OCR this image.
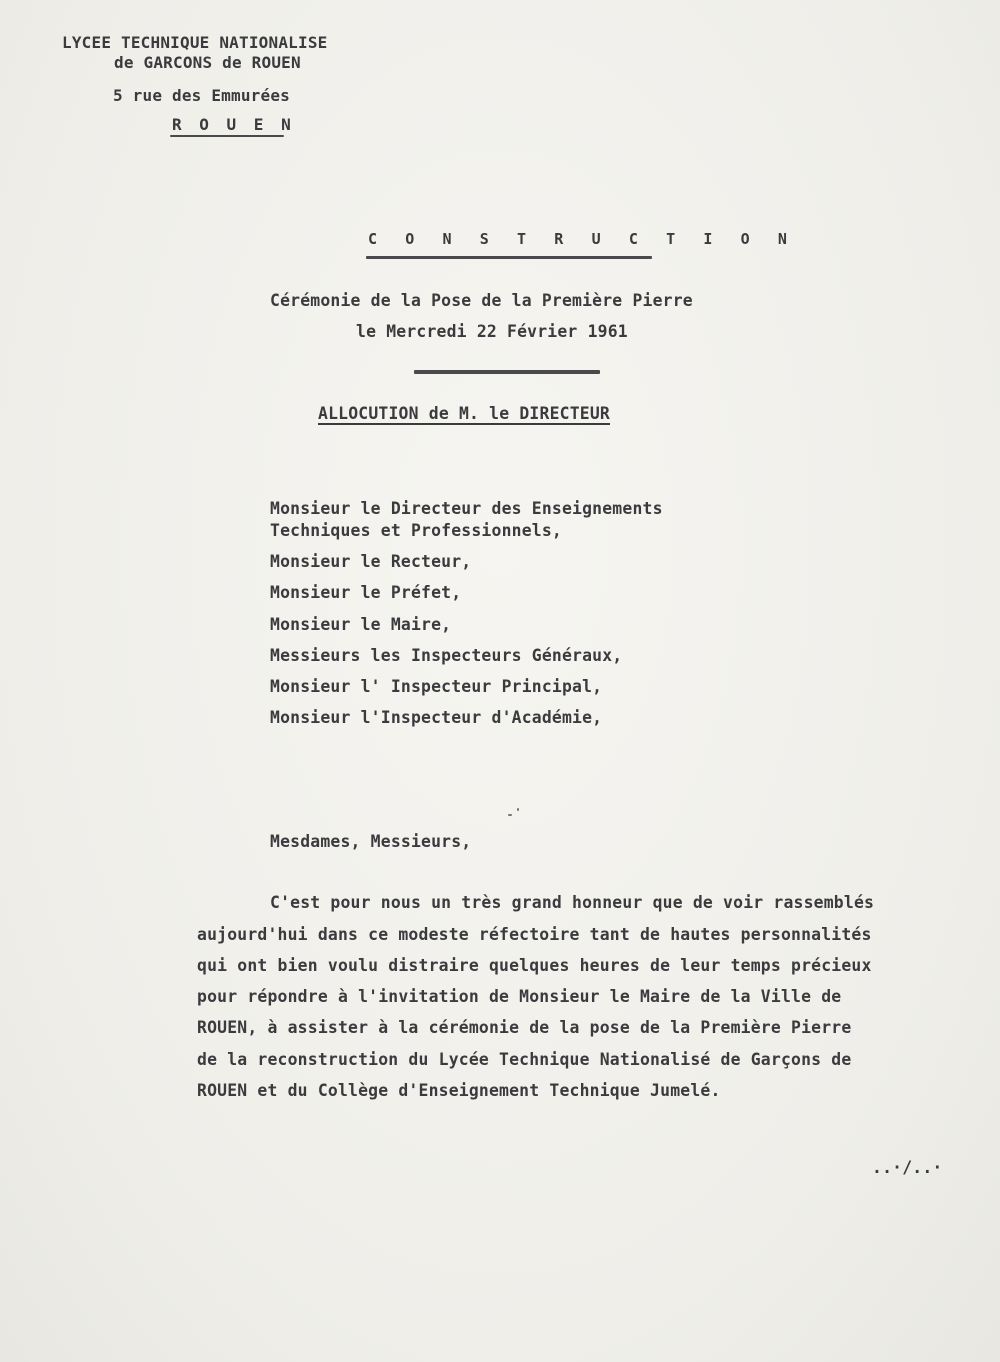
LYCEE TECHNIQUE NATIONALISE
de GARCONS de ROUEN
5 rue des Emmurées
R O U E N
C O N S T R U C T I O N
Cérémonie de la Pose de la Première Pierre
le Mercredi 22 Février 1961
ALLOCUTION de M. le DIRECTEUR
Monsieur le Directeur des Enseignements
Techniques et Professionnels,
Monsieur le Recteur,
Monsieur le Préfet,
Monsieur le Maire,
Messieurs les Inspecteurs Généraux,
Monsieur l' Inspecteur Principal,
Monsieur l'Inspecteur d'Académie,
Mesdames, Messieurs,
C'est pour nous un très grand honneur que de voir rassemblés
aujourd'hui dans ce modeste réfectoire tant de hautes personnalités
qui ont bien voulu distraire quelques heures de leur temps précieux
pour répondre à l'invitation de Monsieur le Maire de la Ville de
ROUEN, à assister à la cérémonie de la pose de la Première Pierre
de la reconstruction du Lycée Technique Nationalisé de Garçons de
ROUEN et du Collège d'Enseignement Technique Jumelé.
..·/..·
